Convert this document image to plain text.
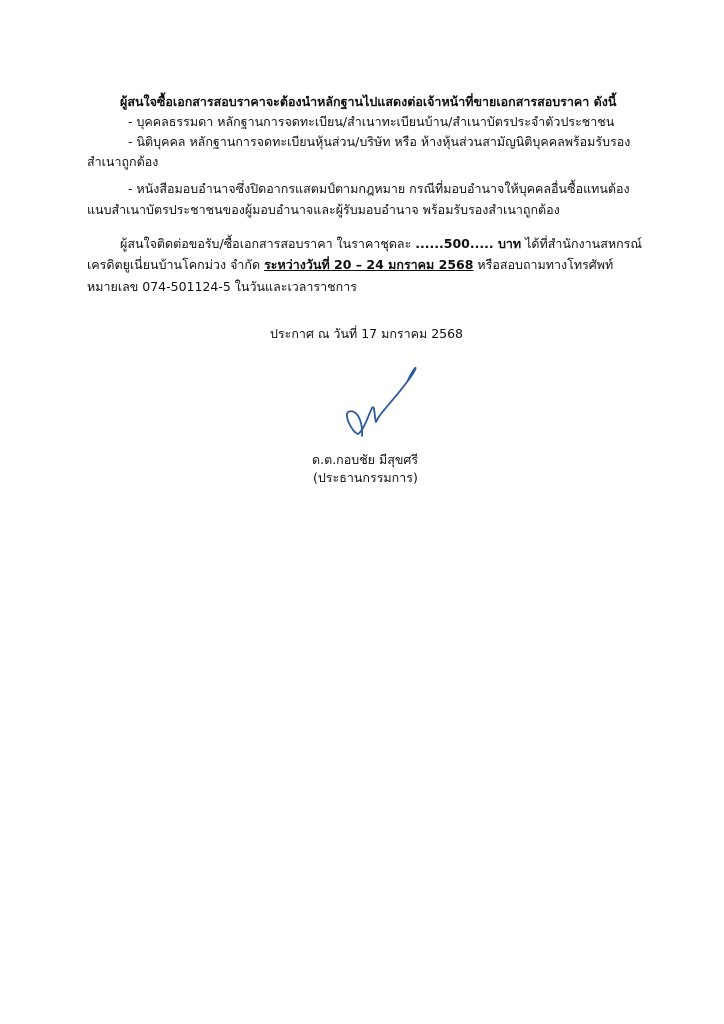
ผู้สนใจซื้อเอกสารสอบราคาจะต้องนำหลักฐานไปแสดงต่อเจ้าหน้าที่ขายเอกสารสอบราคา ดังนี้
- บุคคลธรรมดา หลักฐานการจดทะเบียน/สำเนาทะเบียนบ้าน/สำเนาบัตรประจำตัวประชาชน
- นิติบุคคล หลักฐานการจดทะเบียนหุ้นส่วน/บริษัท หรือ ห้างหุ้นส่วนสามัญนิติบุคคลพร้อมรับรอง
สำเนาถูกต้อง
- หนังสือมอบอำนาจซึ่งปิดอากรแสตมป์ตามกฎหมาย กรณีที่มอบอำนาจให้บุคคลอื่นซื้อแทนต้อง
แนบสำเนาบัตรประชาชนของผู้มอบอำนาจและผู้รับมอบอำนาจ พร้อมรับรองสำเนาถูกต้อง
ผู้สนใจติดต่อขอรับ/ซื้อเอกสารสอบราคา ในราคาชุดละ ......500..... บาท ได้ที่สำนักงานสหกรณ์
เครดิตยูเนี่ยนบ้านโคกม่วง จำกัด ระหว่างวันที่ 20 – 24 มกราคม 2568 หรือสอบถามทางโทรศัพท์
หมายเลข 074-501124-5 ในวันและเวลาราชการ
ประกาศ ณ วันที่ 17 มกราคม 2568
ด.ต.กอบชัย มีสุขศรี
(ประธานกรรมการ)
